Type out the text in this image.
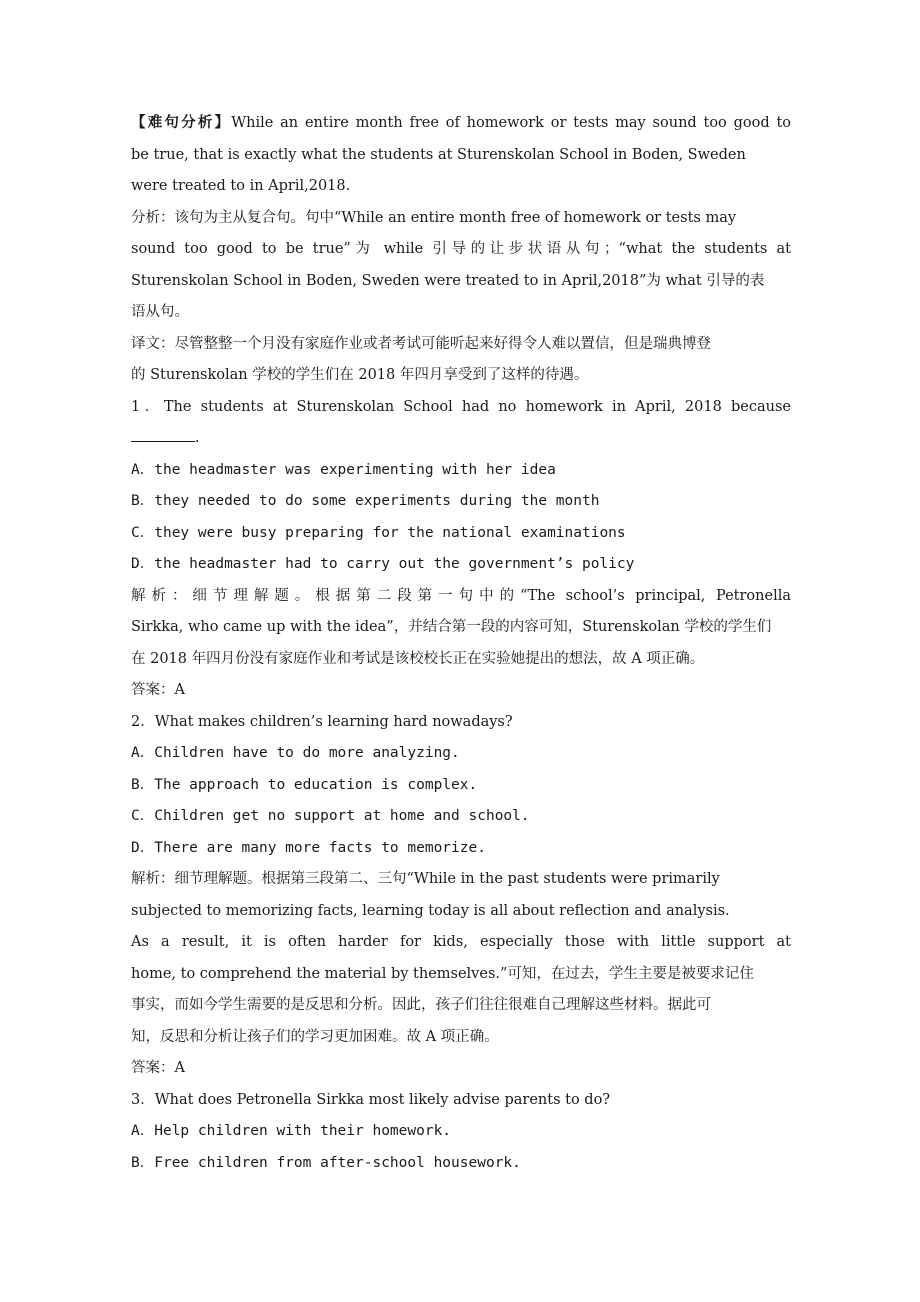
【难句分析】While an entire month free of homework or tests may sound too good to
be true, that is exactly what the students at Sturenskolan School in Boden, Sweden
were treated to in April,2018.
分析：该句为主从复合句。句中“While an entire month free of homework or tests may
sound too good to be true”为 while 引导的让步状语从句；“what the students at
Sturenskolan School in Boden, Sweden were treated to in April,2018”为 what 引导的表
语从句。
译文：尽管整整一个月没有家庭作业或者考试可能听起来好得令人难以置信，但是瑞典博登
的 Sturenskolan 学校的学生们在 2018 年四月享受到了这样的待遇。
1．The students at Sturenskolan School had no homework in April, 2018 because
.
A．the headmaster was experimenting with her idea
B．they needed to do some experiments during the month
C．they were busy preparing for the national examinations
D．the headmaster had to carry out the government’s policy
解析：细节理解题。根据第二段第一句中的“The school’s principal, Petronella
Sirkka, who came up with the idea”，并结合第一段的内容可知，Sturenskolan 学校的学生们
在 2018 年四月份没有家庭作业和考试是该校校长正在实验她提出的想法，故 A 项正确。
答案：A
2．What makes children’s learning hard nowadays?
A．Children have to do more analyzing.
B．The approach to education is complex.
C．Children get no support at home and school.
D．There are many more facts to memorize.
解析：细节理解题。根据第三段第二、三句“While in the past students were primarily
subjected to memorizing facts, learning today is all about reflection and analysis.
As a result, it is often harder for kids, especially those with little support at
home, to comprehend the material by themselves.”可知，在过去，学生主要是被要求记住
事实，而如今学生需要的是反思和分析。因此，孩子们往往很难自己理解这些材料。据此可
知，反思和分析让孩子们的学习更加困难。故 A 项正确。
答案：A
3．What does Petronella Sirkka most likely advise parents to do?
A．Help children with their homework.
B．Free children from after-school housework.
